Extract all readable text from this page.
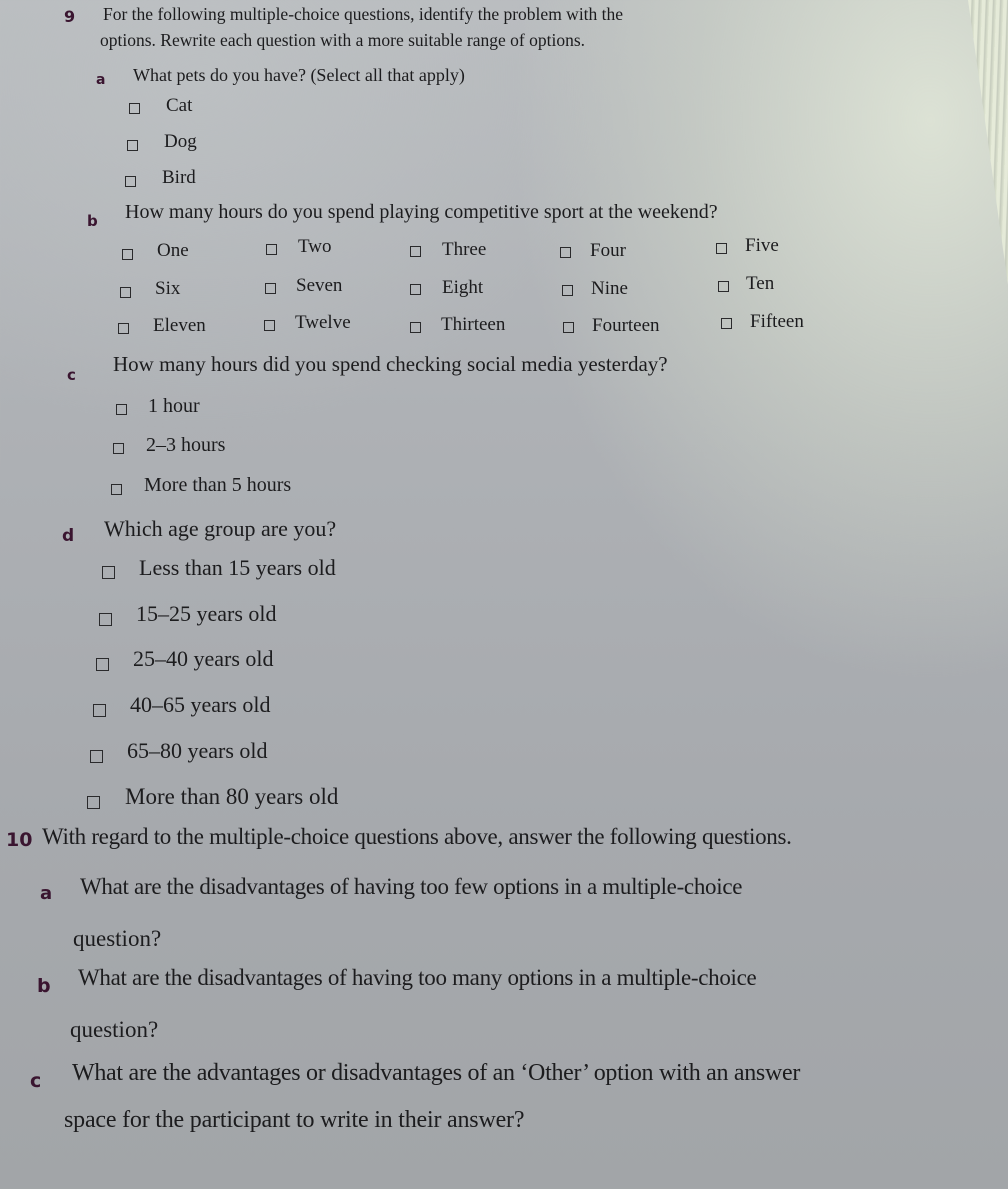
9 For the following multiple-choice questions, identify the problem with the
options. Rewrite each question with a more suitable range of options.
a What pets do you have? (Select all that apply)
Cat
Dog
Bird
b How many hours do you spend playing competitive sport at the weekend?
One	Two	Three	Four	Five
Six	Seven	Eight	Nine	Ten
Eleven	Twelve	Thirteen	Fourteen	Fifteen
c How many hours did you spend checking social media yesterday?
1 hour
2–3 hours
More than 5 hours
d Which age group are you?
Less than 15 years old
15–25 years old
25–40 years old
40–65 years old
65–80 years old
More than 80 years old
10 With regard to the multiple-choice questions above, answer the following questions.
a What are the disadvantages of having too few options in a multiple-choice
question?
b What are the disadvantages of having too many options in a multiple-choice
question?
c What are the advantages or disadvantages of an ‘Other’ option with an answer
space for the participant to write in their answer?
